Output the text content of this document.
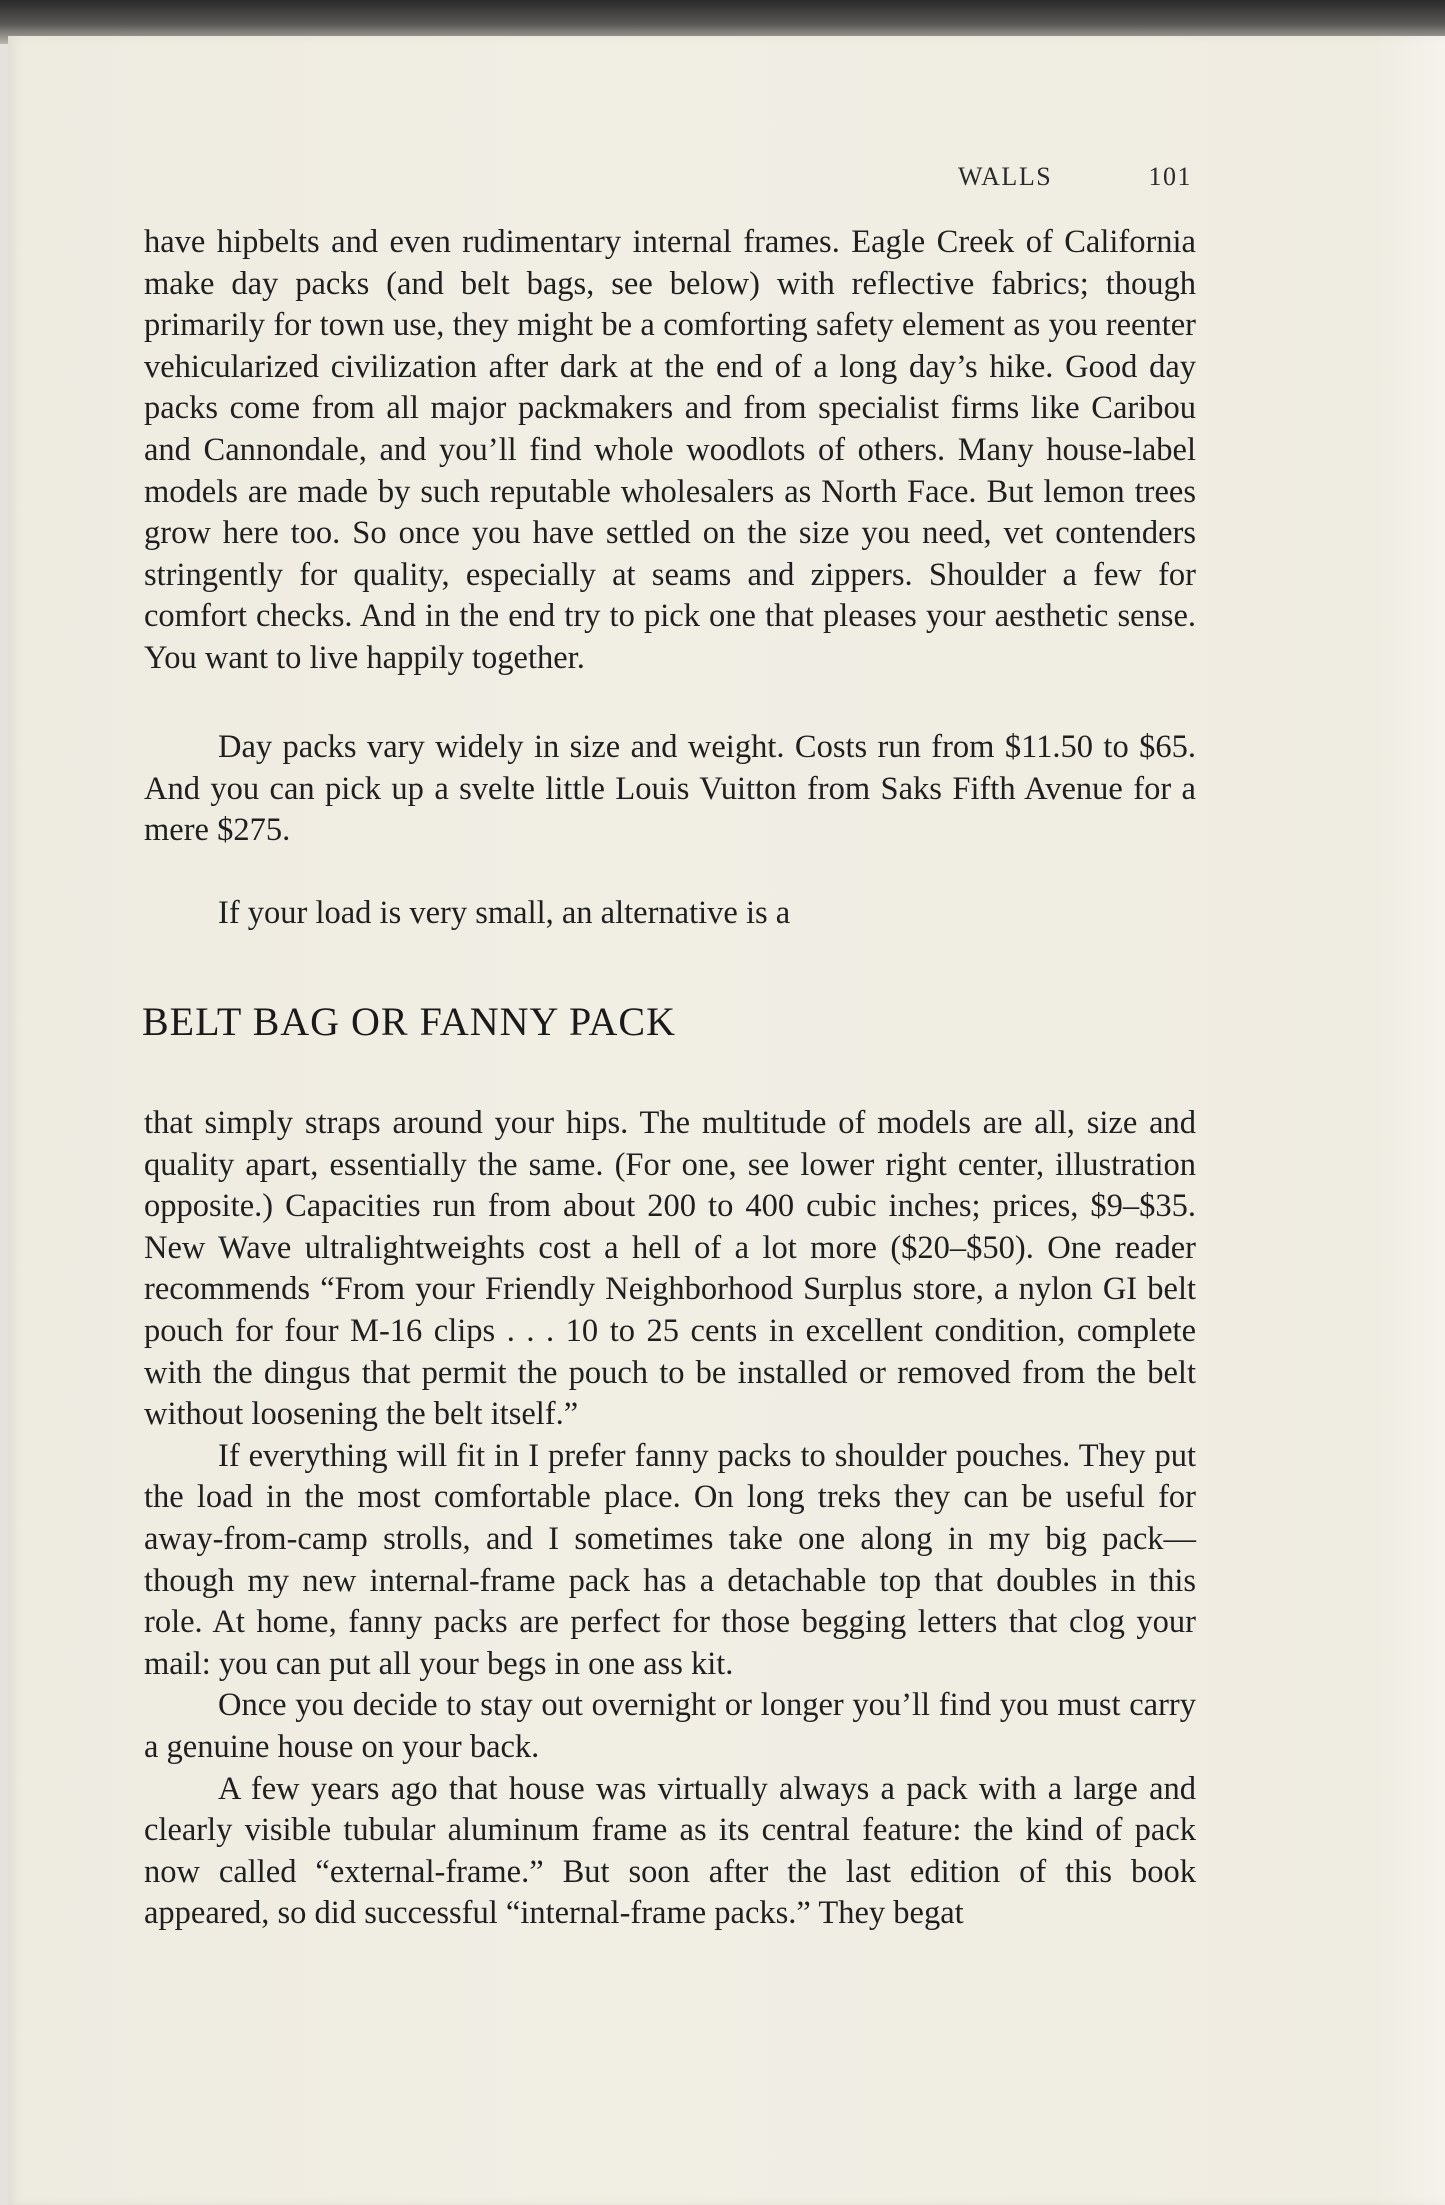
WALLS	101

have hipbelts and even rudimentary internal frames. Eagle Creek of California make day packs (and belt bags, see below) with reflective fabrics; though primarily for town use, they might be a comforting safety element as you reenter vehicularized civilization after dark at the end of a long day’s hike. Good day packs come from all major packmakers and from specialist firms like Caribou and Cannondale, and you’ll find whole woodlots of others. Many house-label models are made by such reputable wholesalers as North Face. But lemon trees grow here too. So once you have settled on the size you need, vet contenders stringently for quality, especially at seams and zippers. Shoulder a few for comfort checks. And in the end try to pick one that pleases your aesthetic sense. You want to live happily together.

Day packs vary widely in size and weight. Costs run from $11.50 to $65. And you can pick up a svelte little Louis Vuitton from Saks Fifth Avenue for a mere $275.

If your load is very small, an alternative is a

BELT BAG OR FANNY PACK

that simply straps around your hips. The multitude of models are all, size and quality apart, essentially the same. (For one, see lower right center, illustration opposite.) Capacities run from about 200 to 400 cubic inches; prices, $9–$35. New Wave ultralightweights cost a hell of a lot more ($20–$50). One reader recommends “From your Friendly Neighborhood Surplus store, a nylon GI belt pouch for four M-16 clips . . . 10 to 25 cents in excellent condition, complete with the dingus that permit the pouch to be installed or removed from the belt without loosening the belt itself.”

If everything will fit in I prefer fanny packs to shoulder pouches. They put the load in the most comfortable place. On long treks they can be useful for away-from-camp strolls, and I sometimes take one along in my big pack—though my new internal-frame pack has a detachable top that doubles in this role. At home, fanny packs are perfect for those begging letters that clog your mail: you can put all your begs in one ass kit.

Once you decide to stay out overnight or longer you’ll find you must carry a genuine house on your back.

A few years ago that house was virtually always a pack with a large and clearly visible tubular aluminum frame as its central feature: the kind of pack now called “external-frame.” But soon after the last edition of this book appeared, so did successful “internal-frame packs.” They begat
